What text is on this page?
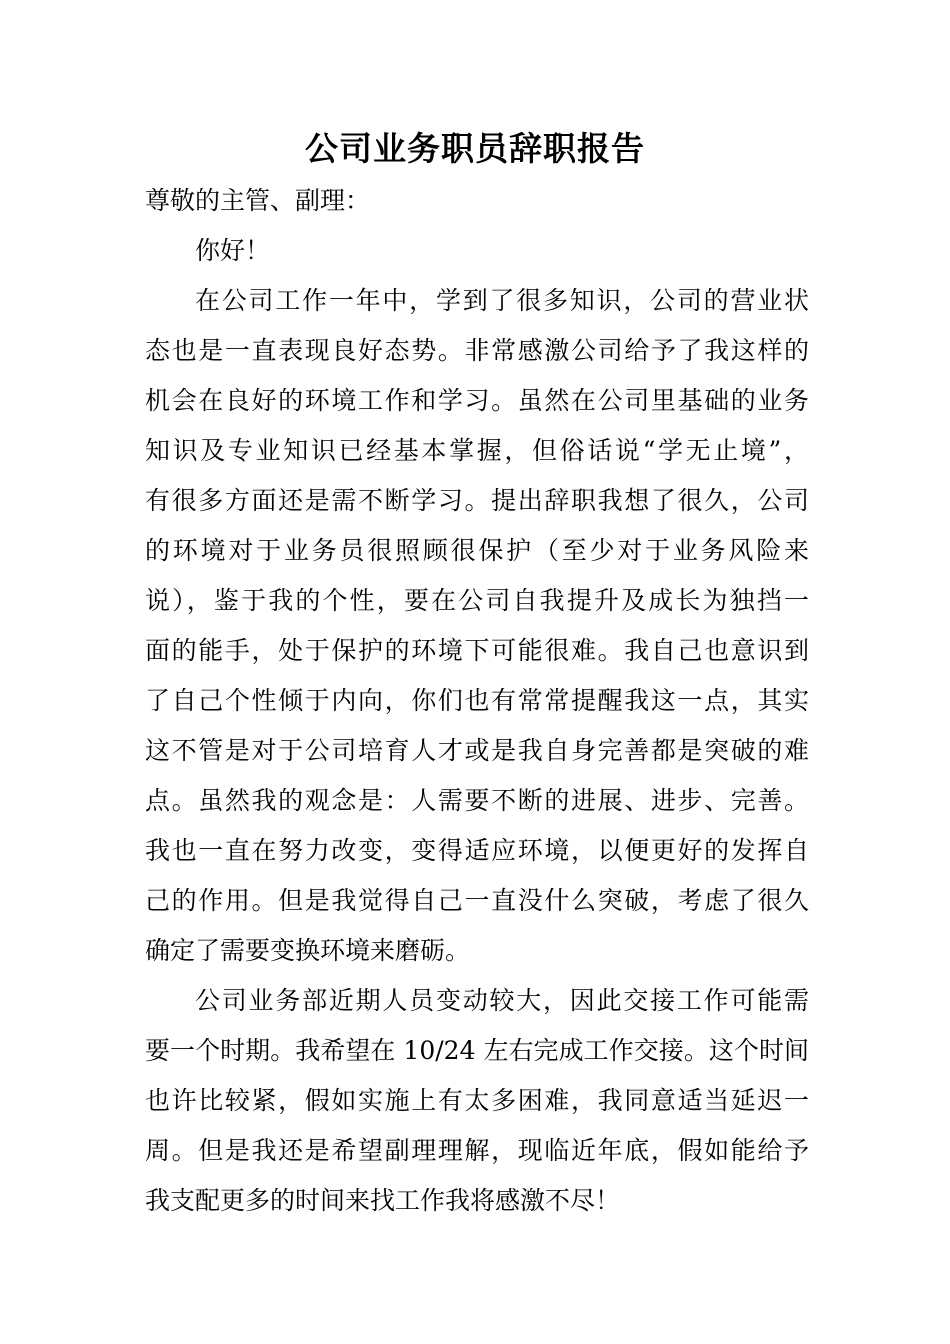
公司业务职员辞职报告
尊敬的主管、副理：
你好！
在公司工作一年中，学到了很多知识，公司的营业状
态也是一直表现良好态势。非常感激公司给予了我这样的
机会在良好的环境工作和学习。虽然在公司里基础的业务
知识及专业知识已经基本掌握，但俗话说“学无止境”，
有很多方面还是需不断学习。提出辞职我想了很久，公司
的环境对于业务员很照顾很保护（至少对于业务风险来
说），鉴于我的个性，要在公司自我提升及成长为独挡一
面的能手，处于保护的环境下可能很难。我自己也意识到
了自己个性倾于内向，你们也有常常提醒我这一点，其实
这不管是对于公司培育人才或是我自身完善都是突破的难
点。虽然我的观念是：人需要不断的进展、进步、完善。
我也一直在努力改变，变得适应环境，以便更好的发挥自
己的作用。但是我觉得自己一直没什么突破，考虑了很久
确定了需要变换环境来磨砺。
公司业务部近期人员变动较大，因此交接工作可能需
要一个时期。我希望在 10/24 左右完成工作交接。这个时间
也许比较紧，假如实施上有太多困难，我同意适当延迟一
周。但是我还是希望副理理解，现临近年底，假如能给予
我支配更多的时间来找工作我将感激不尽！
